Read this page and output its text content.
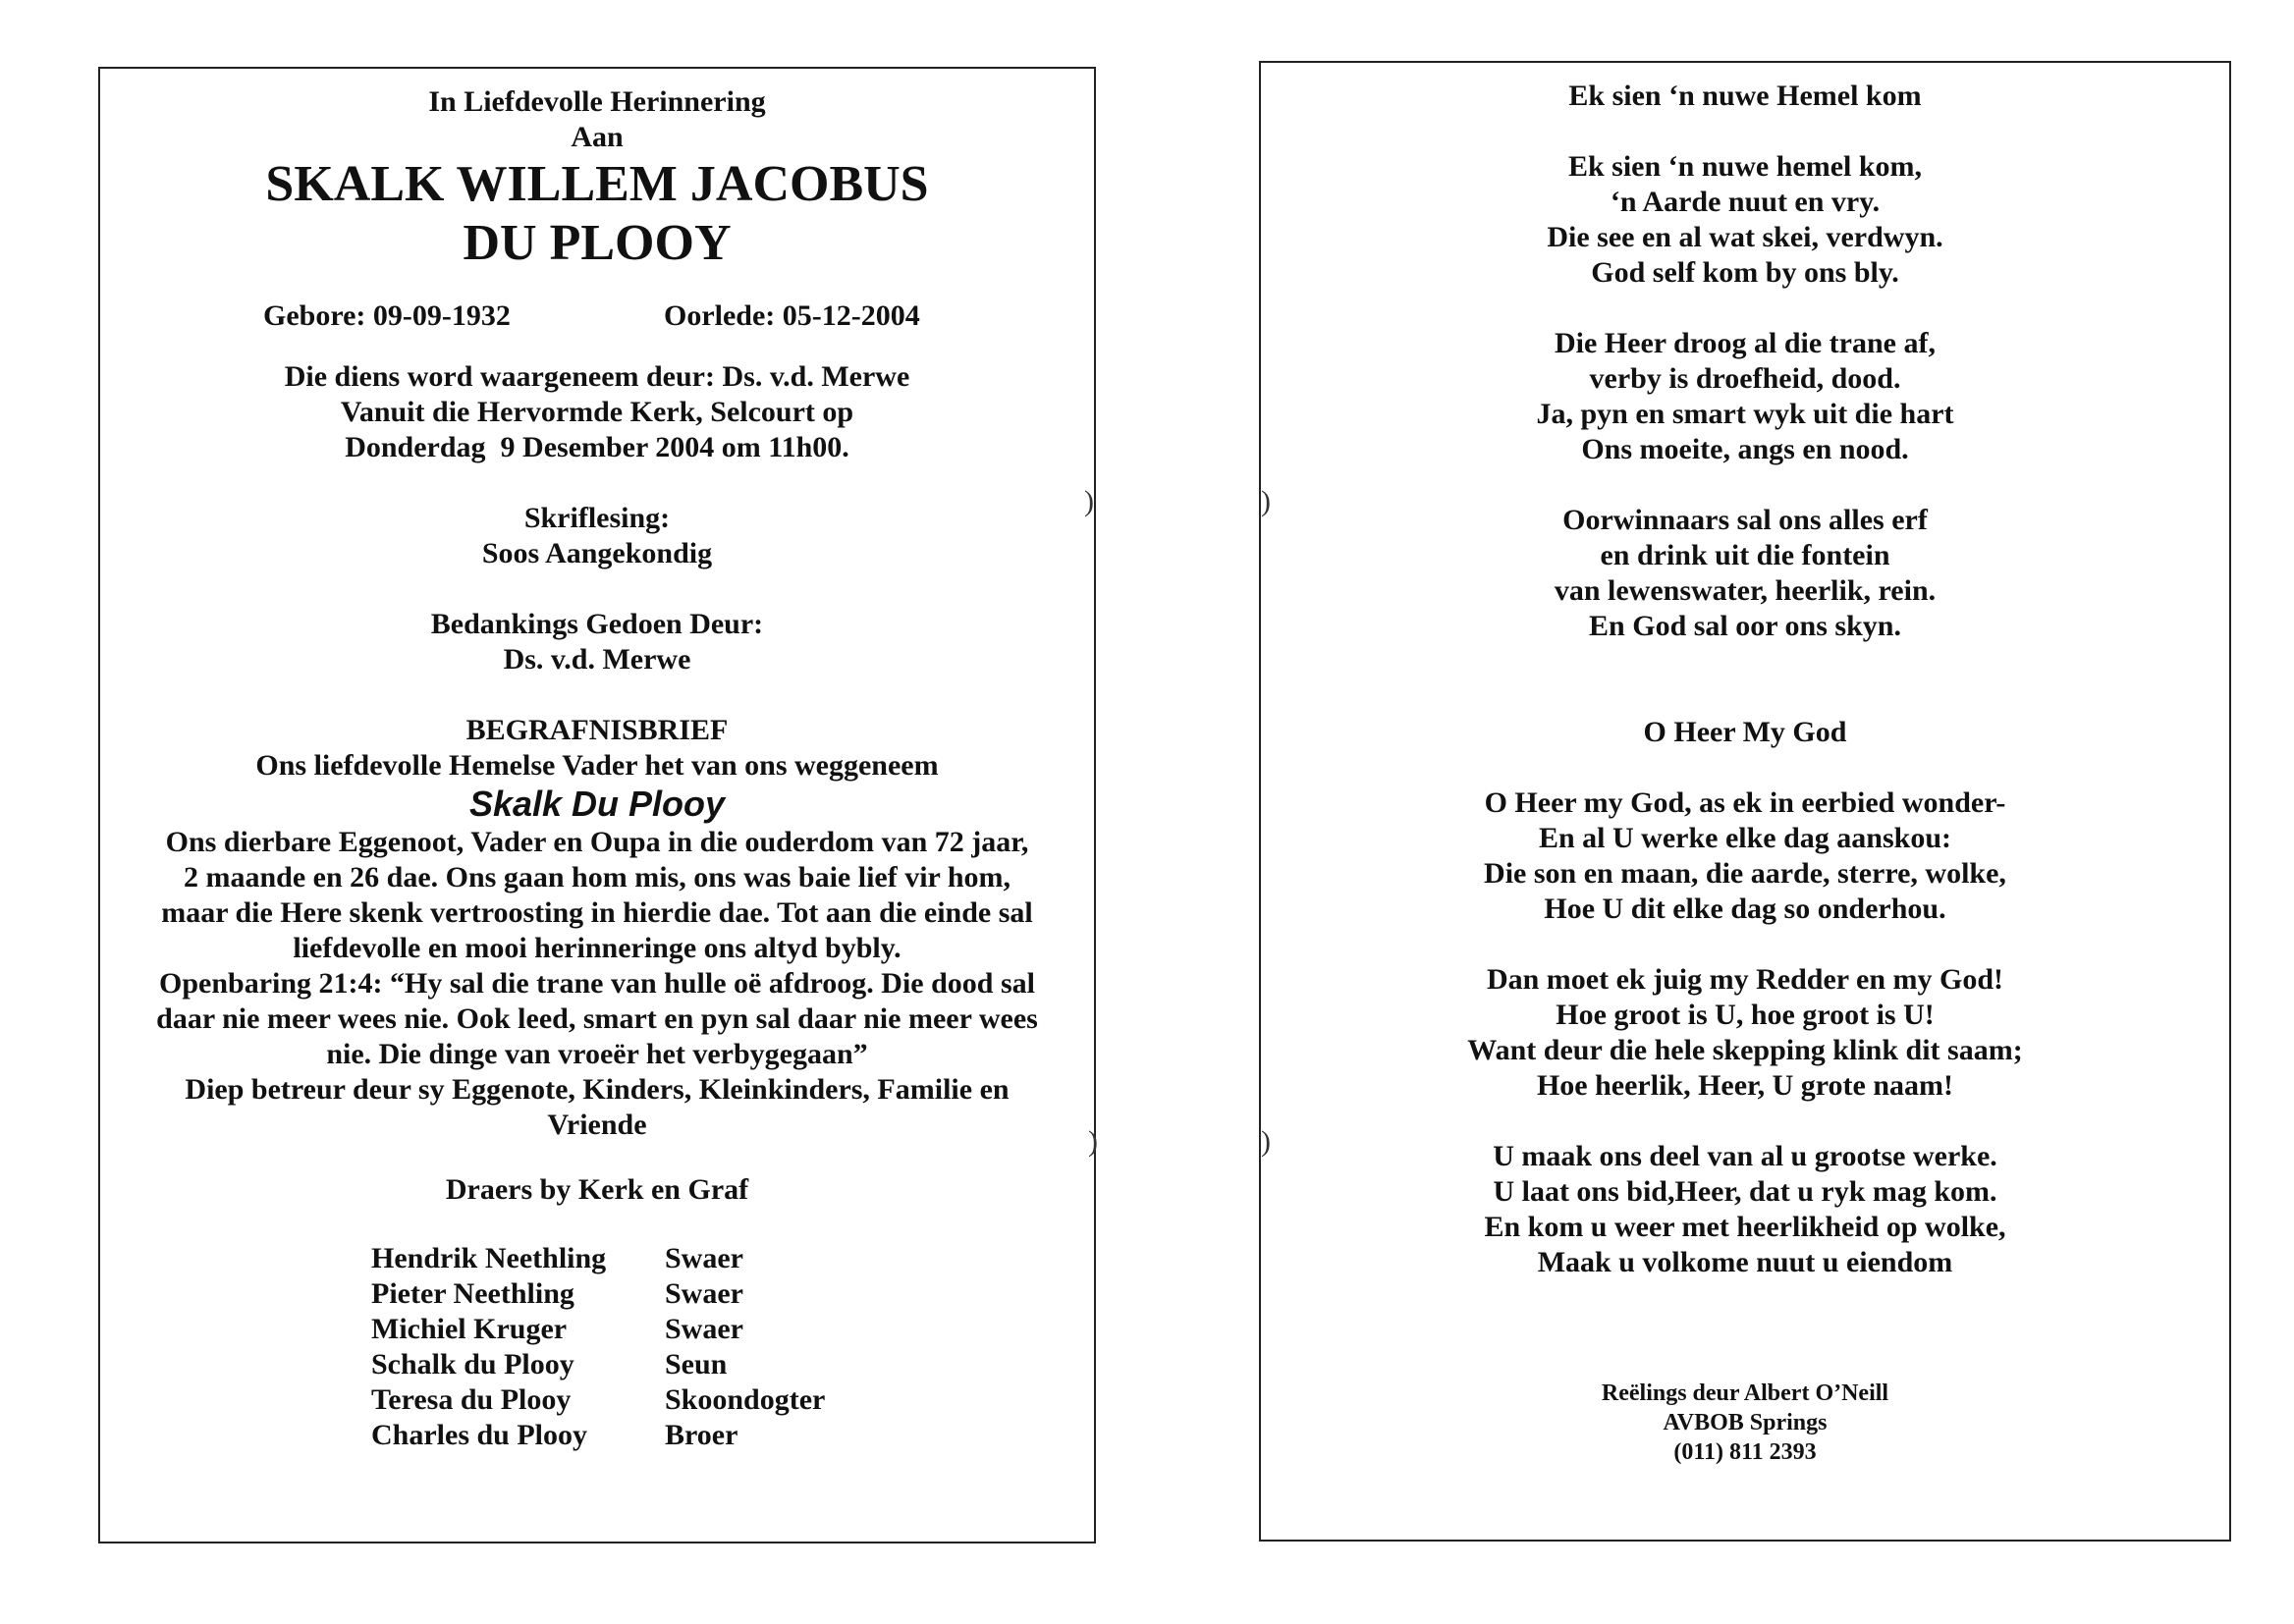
In Liefdevolle Herinnering
Aan
SKALK WILLEM JACOBUS
DU PLOOY
Gebore: 09-09-1932	Oorlede: 05-12-2004
Die diens word waargeneem deur: Ds. v.d. Merwe
Vanuit die Hervormde Kerk, Selcourt op
Donderdag  9 Desember 2004 om 11h00.
Skriflesing:
Soos Aangekondig
Bedankings Gedoen Deur:
Ds. v.d. Merwe
BEGRAFNISBRIEF
Ons liefdevolle Hemelse Vader het van ons weggeneem
Skalk Du Plooy
Ons dierbare Eggenoot, Vader en Oupa in die ouderdom van 72 jaar,
2 maande en 26 dae. Ons gaan hom mis, ons was baie lief vir hom,
maar die Here skenk vertroosting in hierdie dae. Tot aan die einde sal
liefdevolle en mooi herinneringe ons altyd bybly.
Openbaring 21:4: “Hy sal die trane van hulle oë afdroog. Die dood sal
daar nie meer wees nie. Ook leed, smart en pyn sal daar nie meer wees
nie. Die dinge van vroeër het verbygegaan”
Diep betreur deur sy Eggenote, Kinders, Kleinkinders, Familie en
Vriende
Draers by Kerk en Graf
Hendrik Neethling Swaer
Pieter Neethling	Swaer
Michiel Kruger	Swaer
Schalk du Plooy	Seun
Teresa du Plooy	Skoondogter
Charles du Plooy	Broer
)
)
)
)
Ek sien ‘n nuwe Hemel kom
Ek sien ‘n nuwe hemel kom,
‘n Aarde nuut en vry.
Die see en al wat skei, verdwyn.
God self kom by ons bly.
Die Heer droog al die trane af,
verby is droefheid, dood.
Ja, pyn en smart wyk uit die hart
Ons moeite, angs en nood.
Oorwinnaars sal ons alles erf
en drink uit die fontein
van lewenswater, heerlik, rein.
En God sal oor ons skyn.
O Heer My God
O Heer my God, as ek in eerbied wonder-
En al U werke elke dag aanskou:
Die son en maan, die aarde, sterre, wolke,
Hoe U dit elke dag so onderhou.
Dan moet ek juig my Redder en my God!
Hoe groot is U, hoe groot is U!
Want deur die hele skepping klink dit saam;
Hoe heerlik, Heer, U grote naam!
U maak ons deel van al u grootse werke.
U laat ons bid,Heer, dat u ryk mag kom.
En kom u weer met heerlikheid op wolke,
Maak u volkome nuut u eiendom
Reëlings deur Albert O’Neill
AVBOB Springs
(011) 811 2393
